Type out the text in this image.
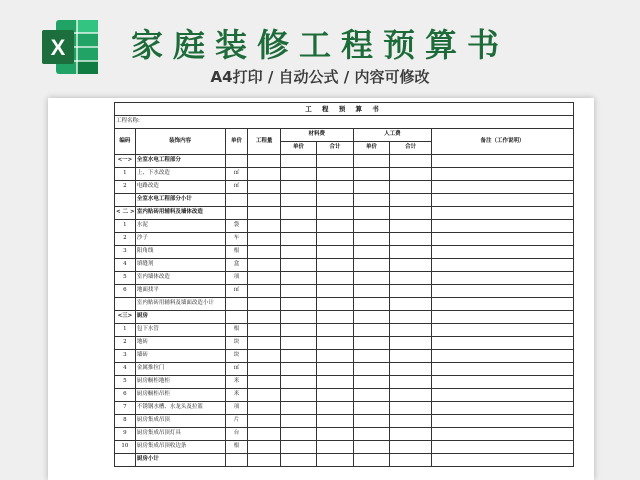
X	家庭装修工程预算书
A4打印 / 自动公式 / 内容可修改
工 程 预 算 书								
工程名称:								
编码	装饰内容	单价	工程量	材料费		人工费		备注（工作说明）
				单价	合计	单价	合计	
<一>	全室水电工程部分							
1	上、下水改造	㎡						
2	电路改造	㎡						
	全室水电工程部分小计							
< 二 >	室内贴砖用辅料及墙体改造							
1	水泥	袋						
2	沙子	车						
3	阳角线	根						
4	填缝剂	盒						
5	室内墙体改造	项						
6	地面找平	㎡						
	室内贴砖用辅料及墙面改造小计							
<三>	厨房							
1	包下水管	根						
2	地砖	块						
3	墙砖	块						
4	金属推拉门	㎡						
5	厨房橱柜地柜	米						
6	厨房橱柜吊柜	米						
7	不锈钢水槽、水龙头及拉篮	项						
8	厨房集成吊顶	片						
9	厨房集成吊顶灯具	台						
10	厨房集成吊顶收边条	根						
	厨房小计							
